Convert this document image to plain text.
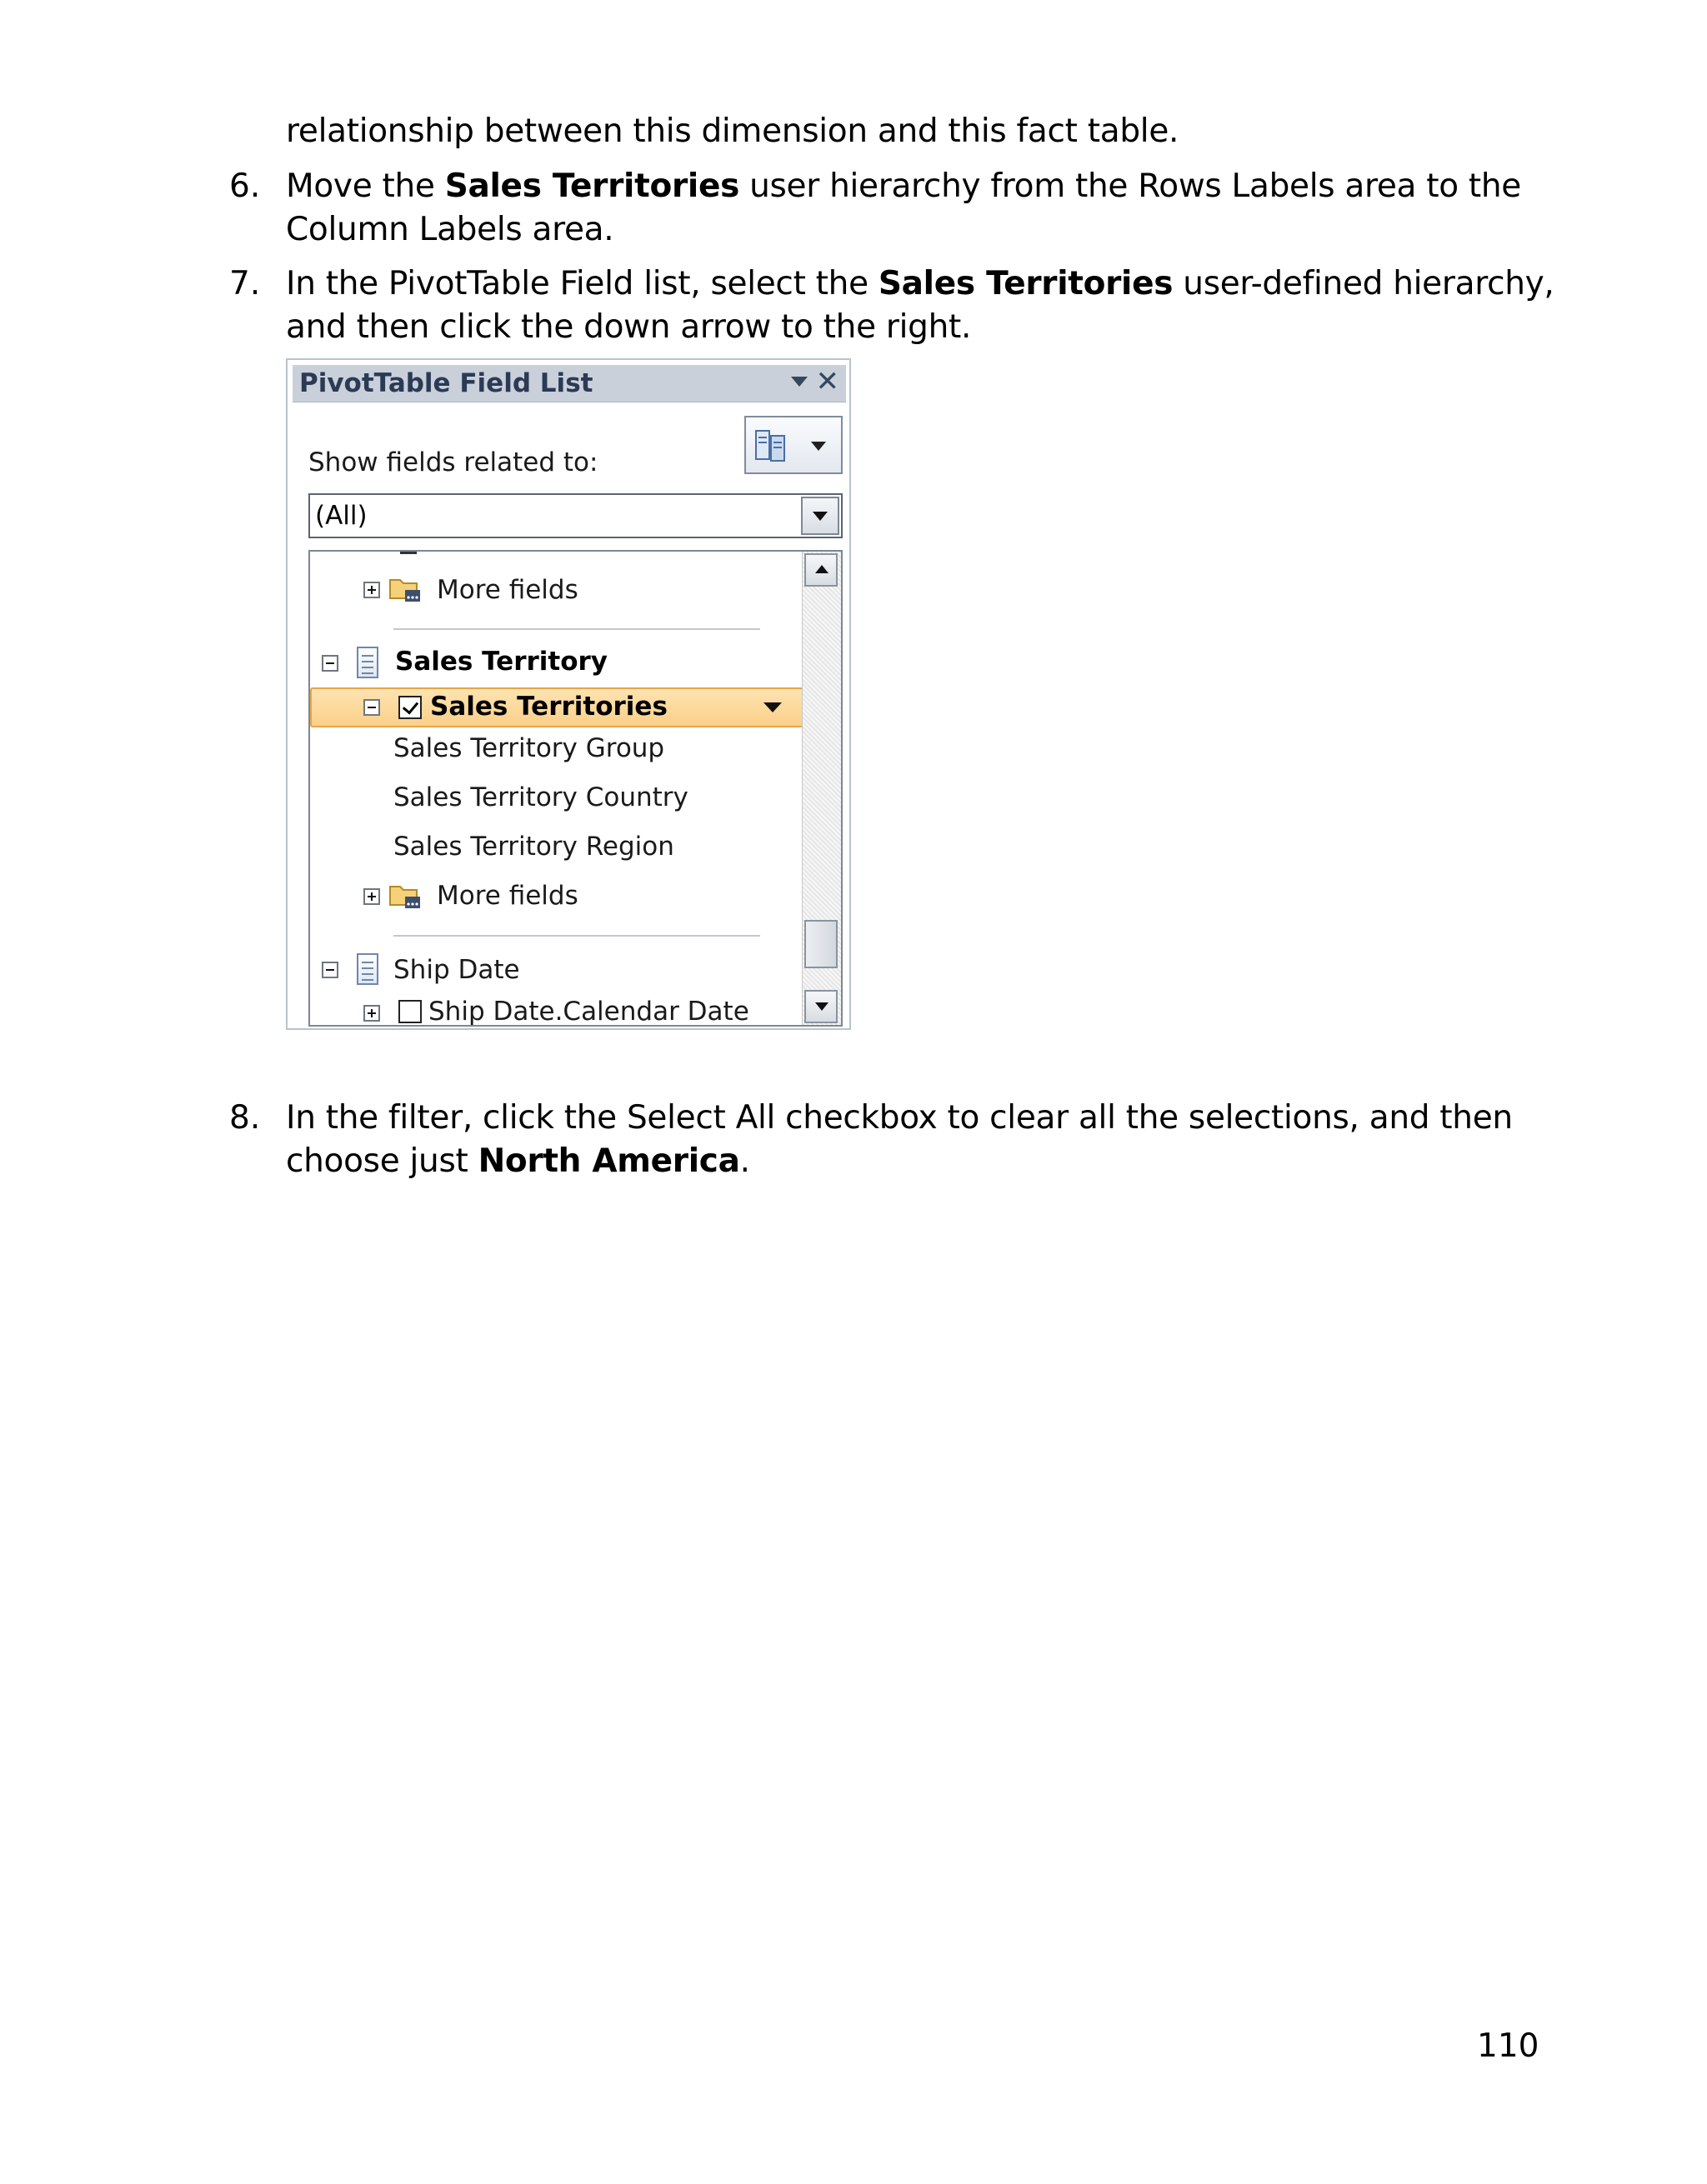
relationship between this dimension and this fact table.
6. Move the Sales Territories user hierarchy from the Rows Labels area to the
Column Labels area.
7. In the PivotTable Field list, select the Sales Territories user-defined hierarchy,
and then click the down arrow to the right.
PivotTable Field List	✕
Show fields related to:
(All)
More fields
Sales Territory
Sales Territories
Sales Territory Group
Sales Territory Country
Sales Territory Region
More fields
Ship Date
Ship Date.Calendar Date
8. In the filter, click the Select All checkbox to clear all the selections, and then
choose just North America.
110
